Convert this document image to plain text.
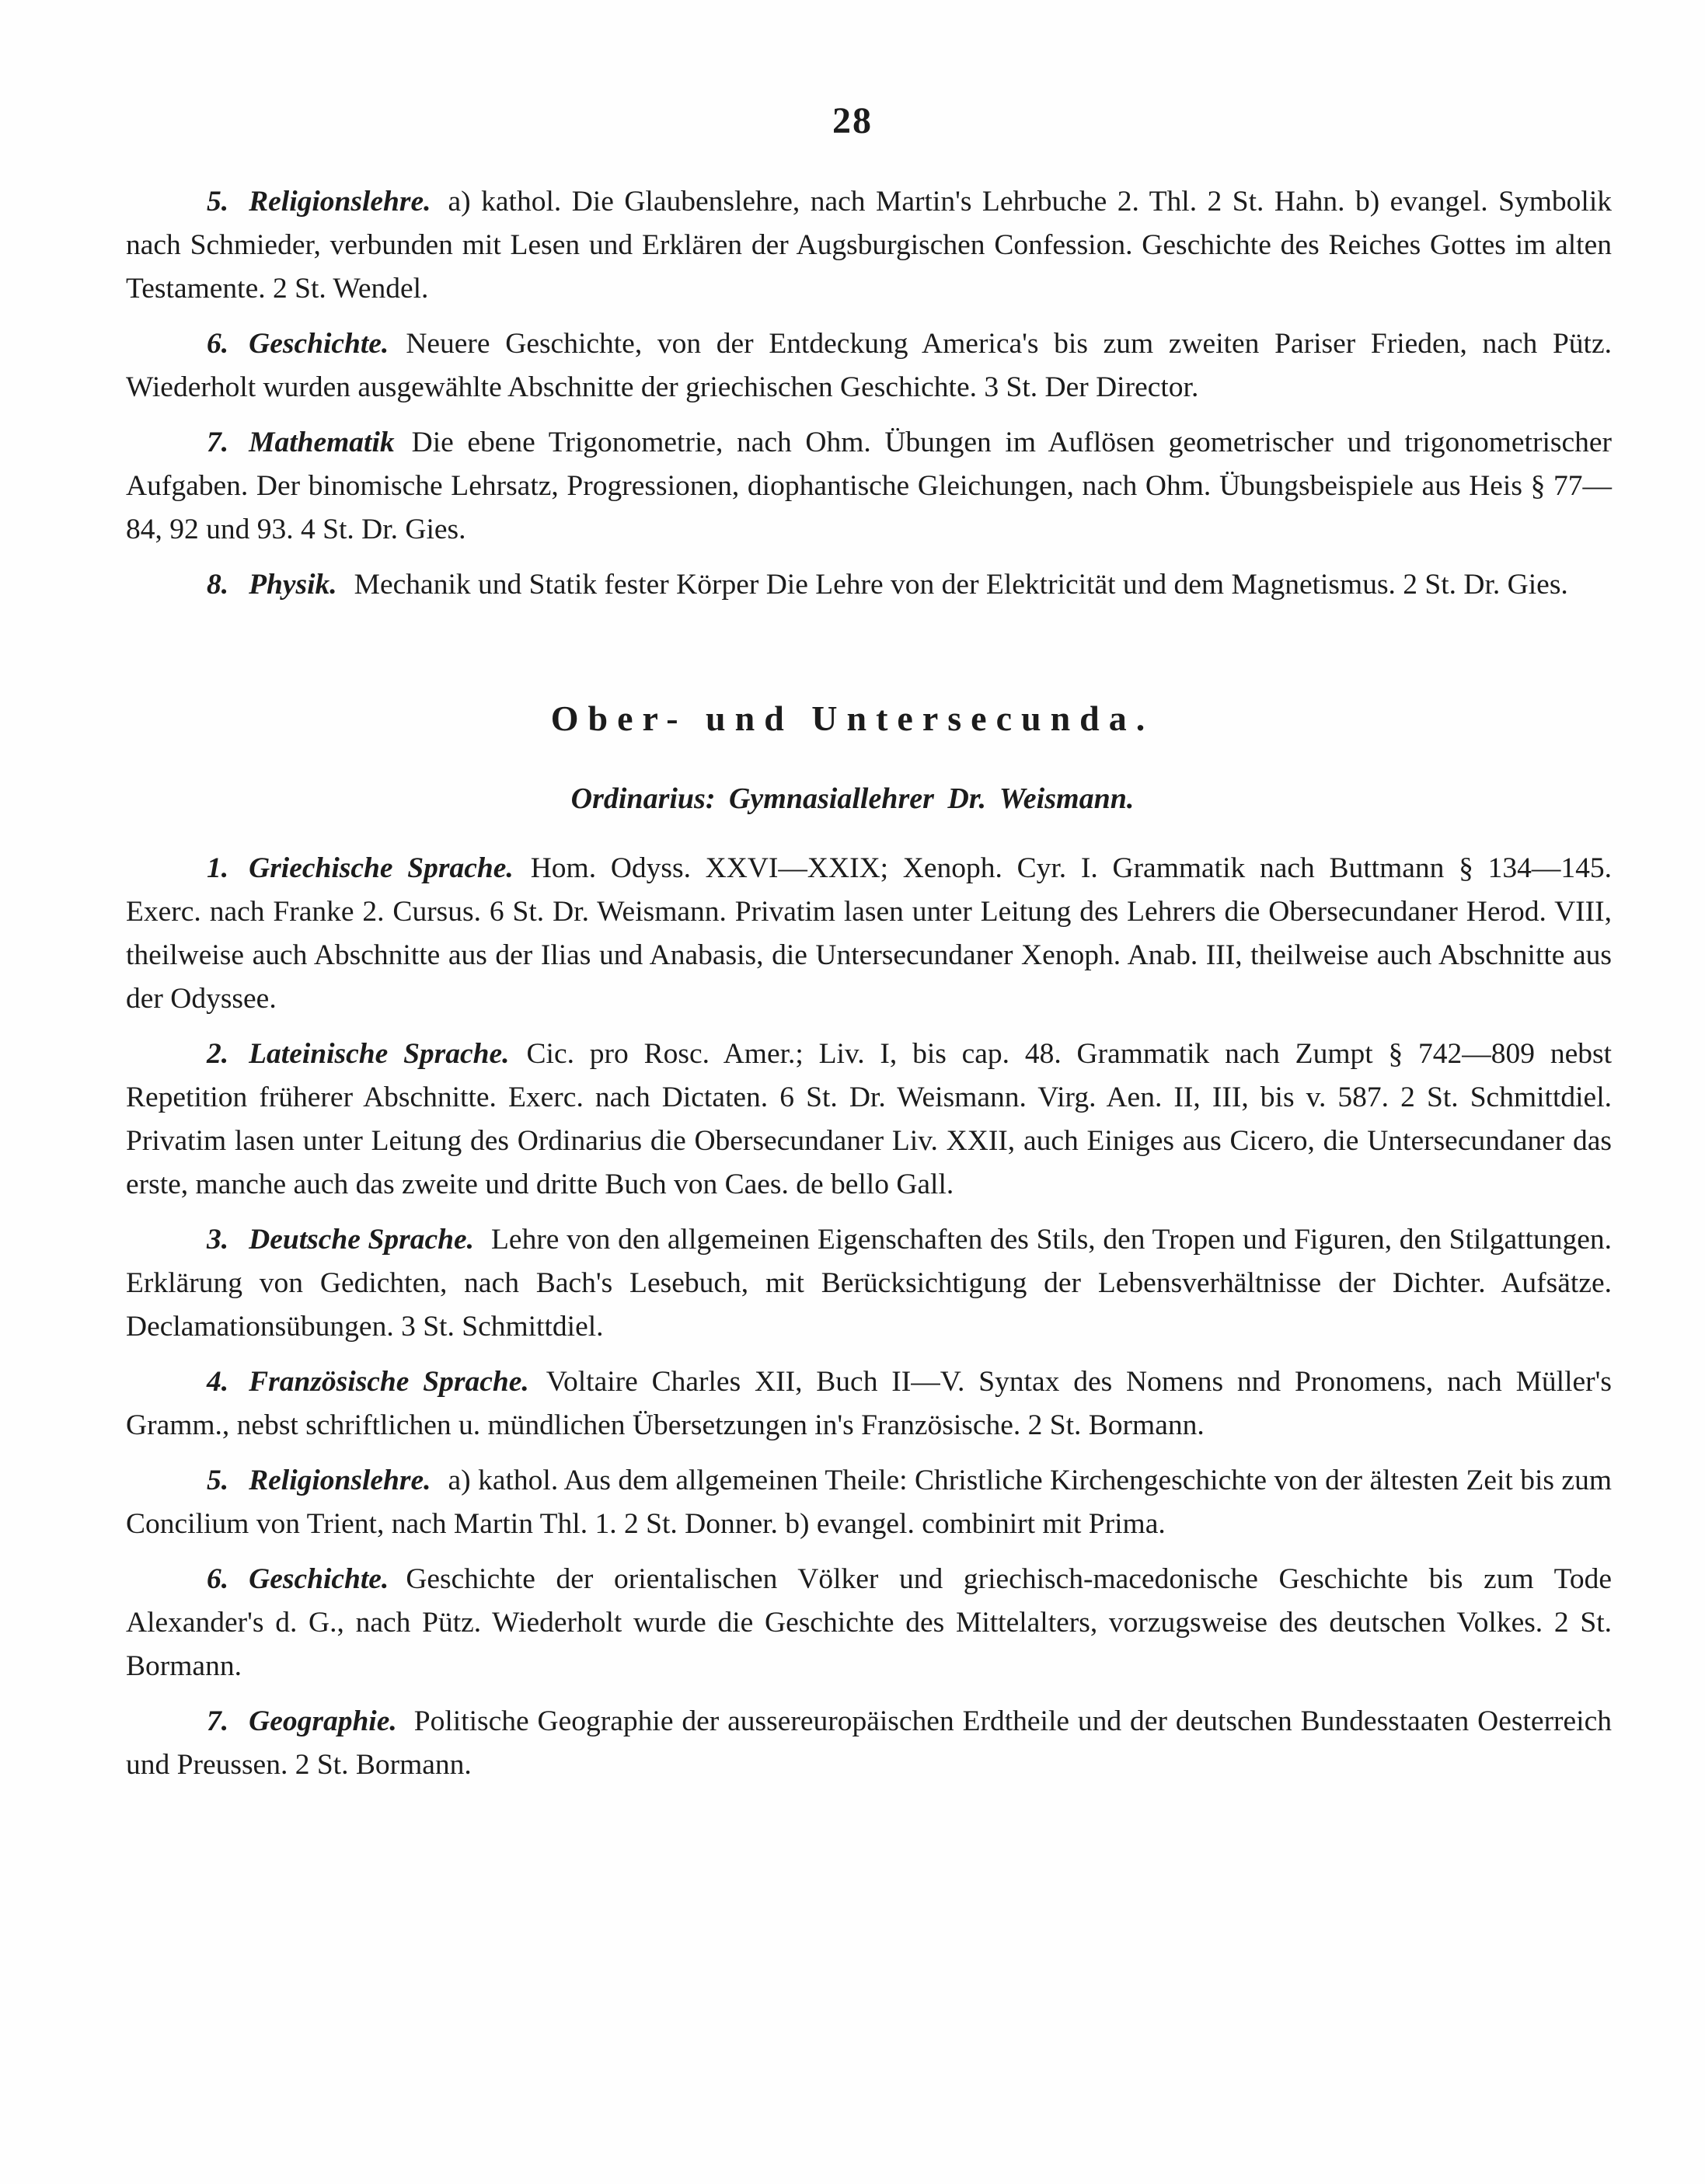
28

5. Religionslehre. a) kathol. Die Glaubenslehre, nach Martin's Lehrbuche 2. Thl. 2 St. Hahn. b) evangel. Symbolik nach Schmieder, verbunden mit Lesen und Erklären der Augsburgischen Confession. Geschichte des Reiches Gottes im alten Testamente. 2 St. Wendel.

6. Geschichte. Neuere Geschichte, von der Entdeckung America's bis zum zweiten Pariser Frieden, nach Pütz. Wiederholt wurden ausgewählte Abschnitte der griechischen Geschichte. 3 St. Der Director.

7. Mathematik Die ebene Trigonometrie, nach Ohm. Übungen im Auflösen geometrischer und trigonometrischer Aufgaben. Der binomische Lehrsatz, Progressionen, diophantische Gleichungen, nach Ohm. Übungsbeispiele aus Heis § 77—84, 92 und 93. 4 St. Dr. Gies.

8. Physik. Mechanik und Statik fester Körper Die Lehre von der Elektricität und dem Magnetismus. 2 St. Dr. Gies.

Ober- und Untersecunda.
Ordinarius: Gymnasiallehrer Dr. Weismann.

1. Griechische Sprache. Hom. Odyss. XXVI—XXIX; Xenoph. Cyr. I. Grammatik nach Buttmann § 134—145. Exerc. nach Franke 2. Cursus. 6 St. Dr. Weismann. Privatim lasen unter Leitung des Lehrers die Obersecundaner Herod. VIII, theilweise auch Abschnitte aus der Ilias und Anabasis, die Untersecundaner Xenoph. Anab. III, theilweise auch Abschnitte aus der Odyssee.

2. Lateinische Sprache. Cic. pro Rosc. Amer.; Liv. I, bis cap. 48. Grammatik nach Zumpt § 742—809 nebst Repetition früherer Abschnitte. Exerc. nach Dictaten. 6 St. Dr. Weismann. Virg. Aen. II, III, bis v. 587. 2 St. Schmittdiel. Privatim lasen unter Leitung des Ordinarius die Obersecundaner Liv. XXII, auch Einiges aus Cicero, die Untersecundaner das erste, manche auch das zweite und dritte Buch von Caes. de bello Gall.

3. Deutsche Sprache. Lehre von den allgemeinen Eigenschaften des Stils, den Tropen und Figuren, den Stilgattungen. Erklärung von Gedichten, nach Bach's Lesebuch, mit Berücksichtigung der Lebensverhältnisse der Dichter. Aufsätze. Declamationsübungen. 3 St. Schmittdiel.

4. Französische Sprache. Voltaire Charles XII, Buch II—V. Syntax des Nomens nnd Pronomens, nach Müller's Gramm., nebst schriftlichen u. mündlichen Übersetzungen in's Französische. 2 St. Bormann.

5. Religionslehre. a) kathol. Aus dem allgemeinen Theile: Christliche Kirchengeschichte von der ältesten Zeit bis zum Concilium von Trient, nach Martin Thl. 1. 2 St. Donner. b) evangel. combinirt mit Prima.

6. Geschichte. Geschichte der orientalischen Völker und griechisch-macedonische Geschichte bis zum Tode Alexander's d. G., nach Pütz. Wiederholt wurde die Geschichte des Mittelalters, vorzugsweise des deutschen Volkes. 2 St. Bormann.

7. Geographie. Politische Geographie der aussereuropäischen Erdtheile und der deutschen Bundesstaaten Oesterreich und Preussen. 2 St. Bormann.
